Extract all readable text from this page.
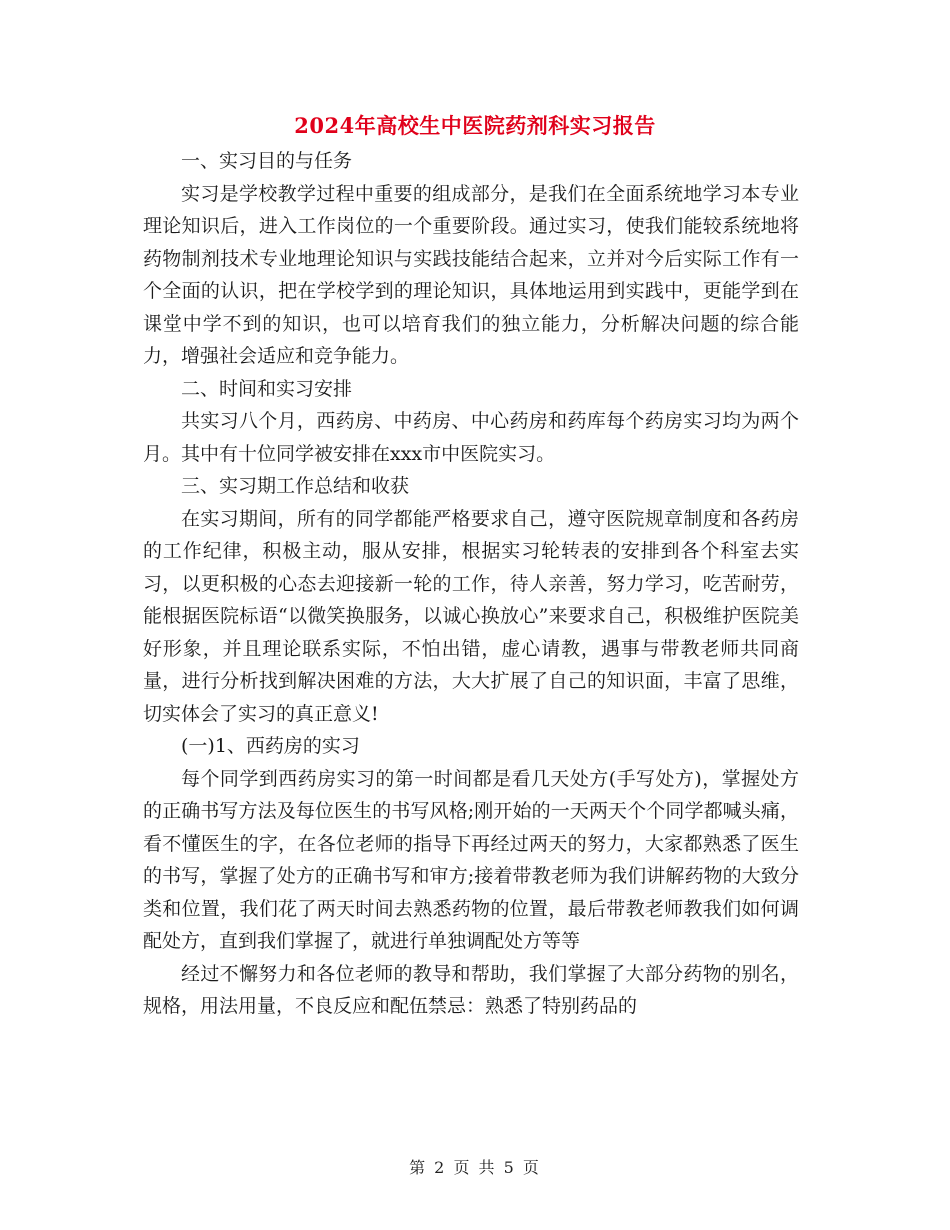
2024年高校生中医院药剂科实习报告

一、实习目的与任务

实习是学校教学过程中重要的组成部分，是我们在全面系统地学习本专业理论知识后，进入工作岗位的一个重要阶段。通过实习，使我们能较系统地将药物制剂技术专业地理论知识与实践技能结合起来，立并对今后实际工作有一个全面的认识，把在学校学到的理论知识，具体地运用到实践中，更能学到在课堂中学不到的知识，也可以培育我们的独立能力，分析解决问题的综合能力，增强社会适应和竞争能力。

二、时间和实习安排

共实习八个月，西药房、中药房、中心药房和药库每个药房实习均为两个月。其中有十位同学被安排在xxx市中医院实习。

三、实习期工作总结和收获

在实习期间，所有的同学都能严格要求自己，遵守医院规章制度和各药房的工作纪律，积极主动，服从安排，根据实习轮转表的安排到各个科室去实习，以更积极的心态去迎接新一轮的工作，待人亲善，努力学习，吃苦耐劳，能根据医院标语“以微笑换服务，以诚心换放心”来要求自己，积极维护医院美好形象，并且理论联系实际，不怕出错，虚心请教，遇事与带教老师共同商量，进行分析找到解决困难的方法，大大扩展了自己的知识面，丰富了思维，切实体会了实习的真正意义!

(一)1、西药房的实习

每个同学到西药房实习的第一时间都是看几天处方(手写处方)，掌握处方的正确书写方法及每位医生的书写风格;刚开始的一天两天个个同学都喊头痛，看不懂医生的字，在各位老师的指导下再经过两天的努力，大家都熟悉了医生的书写，掌握了处方的正确书写和审方;接着带教老师为我们讲解药物的大致分类和位置，我们花了两天时间去熟悉药物的位置，最后带教老师教我们如何调配处方，直到我们掌握了，就进行单独调配处方等等

经过不懈努力和各位老师的教导和帮助，我们掌握了大部分药物的别名，规格，用法用量，不良反应和配伍禁忌：熟悉了特别药品的

第 2 页 共 5 页
